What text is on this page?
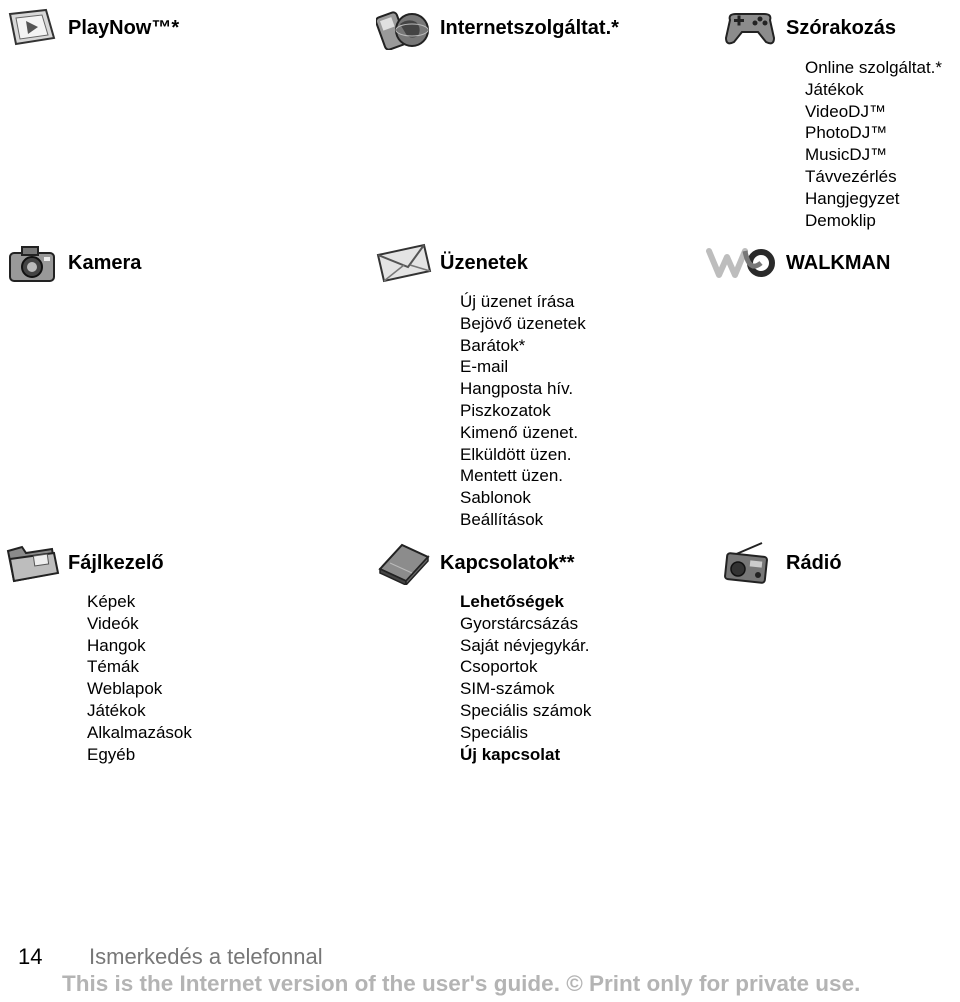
PlayNow™*	Internetszolgáltat.*	Szórakozás
Online szolgáltat.*
Játékok
VideoDJ™
PhotoDJ™
MusicDJ™
Távvezérlés
Hangjegyzet
Demoklip
Kamera	Üzenetek	WALKMAN
Új üzenet írása
Bejövő üzenetek
Barátok*
E-mail
Hangposta hív.
Piszkozatok
Kimenő üzenet.
Elküldött üzen.
Mentett üzen.
Sablonok
Beállítások
Fájlkezelő	Kapcsolatok**	Rádió
Képek
Videók
Hangok
Témák
Weblapok
Játékok
Alkalmazások
Egyéb
Lehetőségek
Gyorstárcsázás
Saját névjegykár.
Csoportok
SIM-számok
Speciális számok
Speciális
Új kapcsolat
14 Ismerkedés a telefonnal
This is the Internet version of the user's guide. © Print only for private use.
